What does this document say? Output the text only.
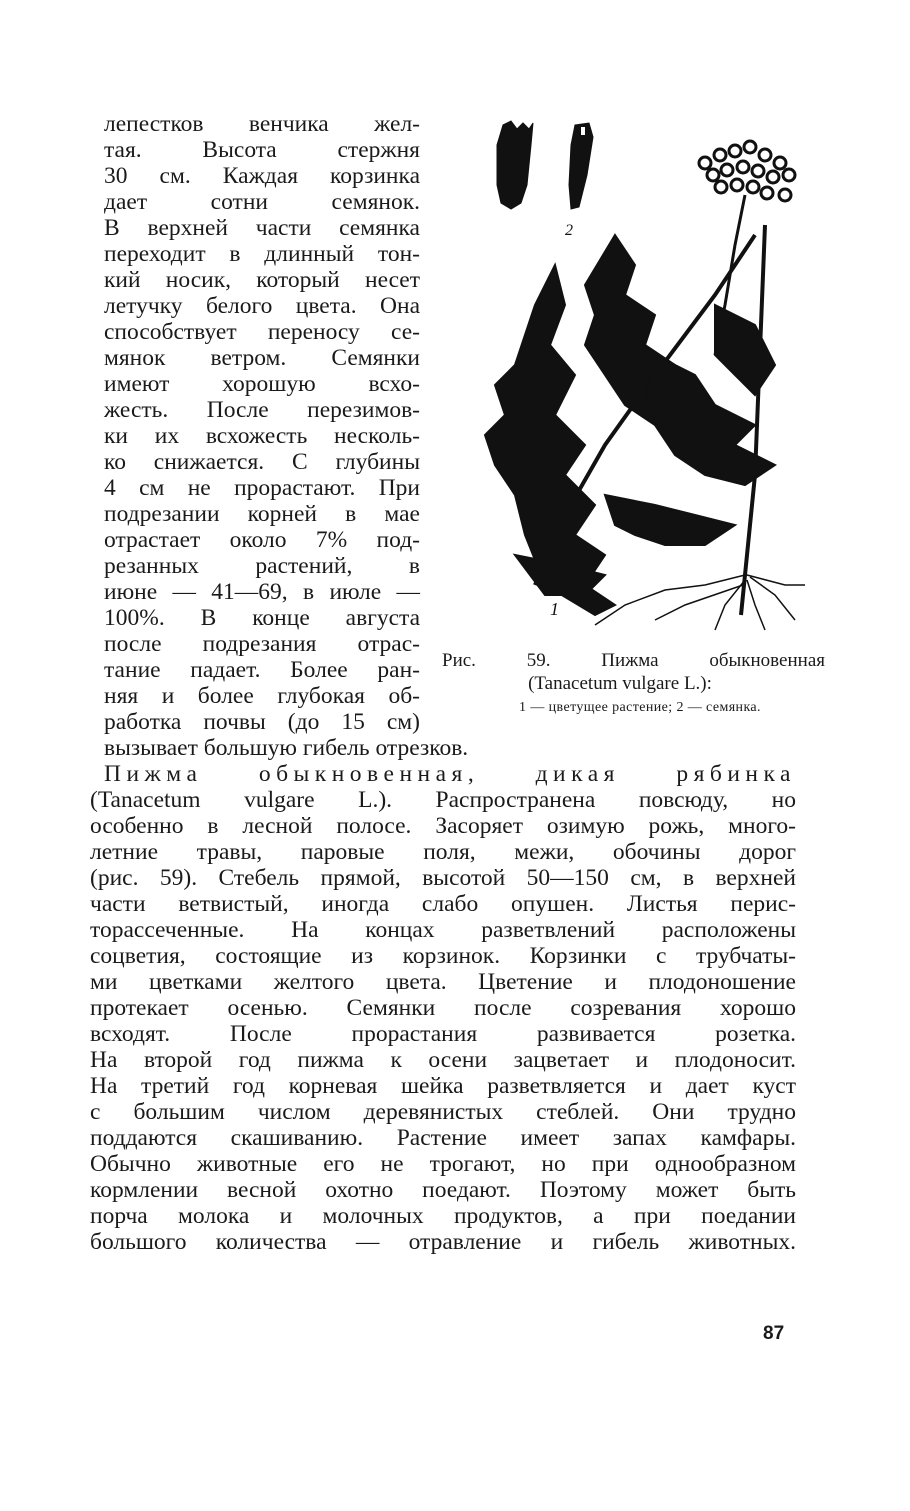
лепестков венчика жел-
тая. Высота стержня
30 см. Каждая корзинка
дает сотни семянок.
В верхней части семянка
переходит в длинный тон-
кий носик, который несет
летучку белого цвета. Она
способствует переносу се-
мянок ветром. Семянки
имеют хорошую всхо-
жесть. После перезимов-
ки их всхожесть несколь-
ко снижается. С глубины
4 см не прорастают. При
подрезании корней в мае
отрастает около 7% под-
резанных растений, в
июне — 41—69, в июле —
100%. В конце августа
после подрезания отрас-
тание падает. Более ран-
няя и более глубокая об-
работка почвы (до 15 см)
вызывает большую гибель отрезков.
2
1
Рис. 59. Пижма обыкновенная
(Tanacetum vulgare L.):
1 — цветущее растение; 2 — семянка.
Пижма обыкновенная, дикая рябинка
(Tanacetum vulgare L.). Распространена повсюду, но
особенно в лесной полосе. Засоряет озимую рожь, много-
летние травы, паровые поля, межи, обочины дорог
(рис. 59). Стебель прямой, высотой 50—150 см, в верхней
части ветвистый, иногда слабо опушен. Листья перис-
торассеченные. На концах разветвлений расположены
соцветия, состоящие из корзинок. Корзинки с трубчаты-
ми цветками желтого цвета. Цветение и плодоношение
протекает осенью. Семянки после созревания хорошо
всходят. После прорастания развивается розетка.
На второй год пижма к осени зацветает и плодоносит.
На третий год корневая шейка разветвляется и дает куст
с большим числом деревянистых стеблей. Они трудно
поддаются скашиванию. Растение имеет запах камфары.
Обычно животные его не трогают, но при однообразном
кормлении весной охотно поедают. Поэтому может быть
порча молока и молочных продуктов, а при поедании
большого количества — отравление и гибель животных.
87
